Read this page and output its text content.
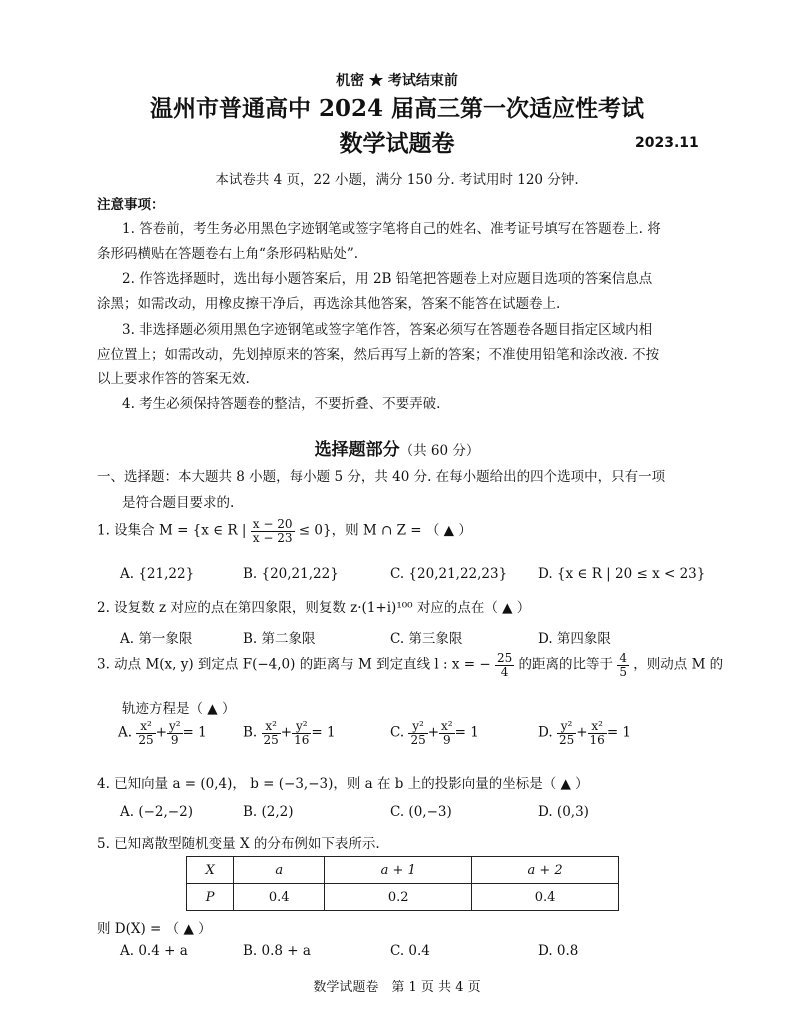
机密 ★ 考试结束前
温州市普通高中 2024 届高三第一次适应性考试
数学试题卷	2023.11
本试卷共 4 页，22 小题，满分 150 分. 考试用时 120 分钟.
注意事项：
1. 答卷前，考生务必用黑色字迹钢笔或签字笔将自己的姓名、准考证号填写在答题卷上. 将
条形码横贴在答题卷右上角“条形码粘贴处”.
2. 作答选择题时，选出每小题答案后，用 2B 铅笔把答题卷上对应题目选项的答案信息点
涂黑；如需改动，用橡皮擦干净后，再选涂其他答案，答案不能答在试题卷上.
3. 非选择题必须用黑色字迹钢笔或签字笔作答，答案必须写在答题卷各题目指定区域内相
应位置上；如需改动，先划掉原来的答案，然后再写上新的答案；不准使用铅笔和涂改液. 不按
以上要求作答的答案无效.
4. 考生必须保持答题卷的整洁，不要折叠、不要弄破.
选择题部分（共 60 分）
一、选择题：本大题共 8 小题，每小题 5 分，共 40 分. 在每小题给出的四个选项中，只有一项
是符合题目要求的.
1. 设集合 M = {x ∈ R | $\frac{x - 20}{x - 23} \le 0$}，则 M ∩ Z = （ ▲ ）
A. {21,22}	B. {20,21,22}	C. {20,21,22,23} D. {x ∈ R | 20 ≤ x < 23}
2. 设复数 z 对应的点在第四象限，则复数 z·(1+i)¹⁰⁰ 对应的点在（ ▲ ）
A. 第一象限	B. 第二象限	C. 第三象限	D. 第四象限
3. 动点 M(x, y) 到定点 F(−4,0) 的距离与 M 到定直线 l : x = − $\frac{25}{4}$ 的距离的比等于 $\frac{4}{5}$ ，则动点 M 的
轨迹方程是（ ▲ ）
A. $\frac{\text{x²}}{25} + \frac{\text{y²}}{9} = 1$	B. $\frac{\text{x²}}{25} + \frac{\text{y²}}{16} = 1$	C. $\frac{\text{y²}}{25} + \frac{\text{x²}}{9} = 1$	D. $\frac{\text{y²}}{25} + \frac{\text{x²}}{16} = 1$
4. 已知向量 a = (0,4)， b = (−3,−3)，则 a 在 b 上的投影向量的坐标是（ ▲ ）
A. (−2,−2)	B. (2,2)	C. (0,−3)	D. (0,3)
5. 已知离散型随机变量 X 的分布例如下表所示.
X	a	a + 1	a + 2
P	0.4	0.2	0.4
则 D(X) = （ ▲ ）
A. 0.4 + a	B. 0.8 + a	C. 0.4	D. 0.8
数学试题卷　第 1 页 共 4 页
